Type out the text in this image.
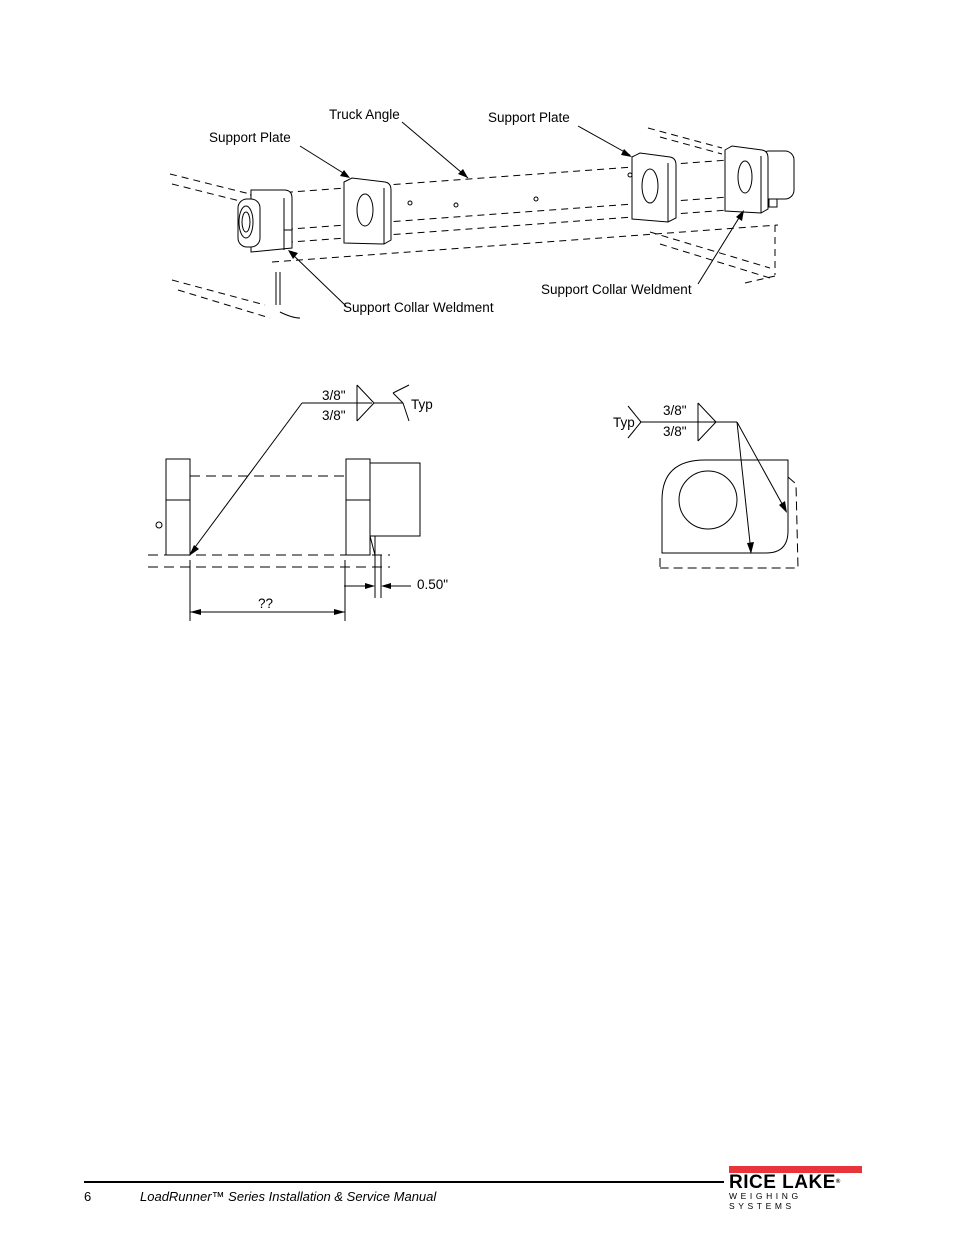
Truck Angle
Support Plate
Support Plate
Support Collar Weldment
Support Collar Weldment
3/8"
3/8"
Typ
0.50"
??
Typ
3/8"
3/8"
6	LoadRunner™ Series Installation & Service Manual
RICE LAKE®
WEIGHING SYSTEMS
